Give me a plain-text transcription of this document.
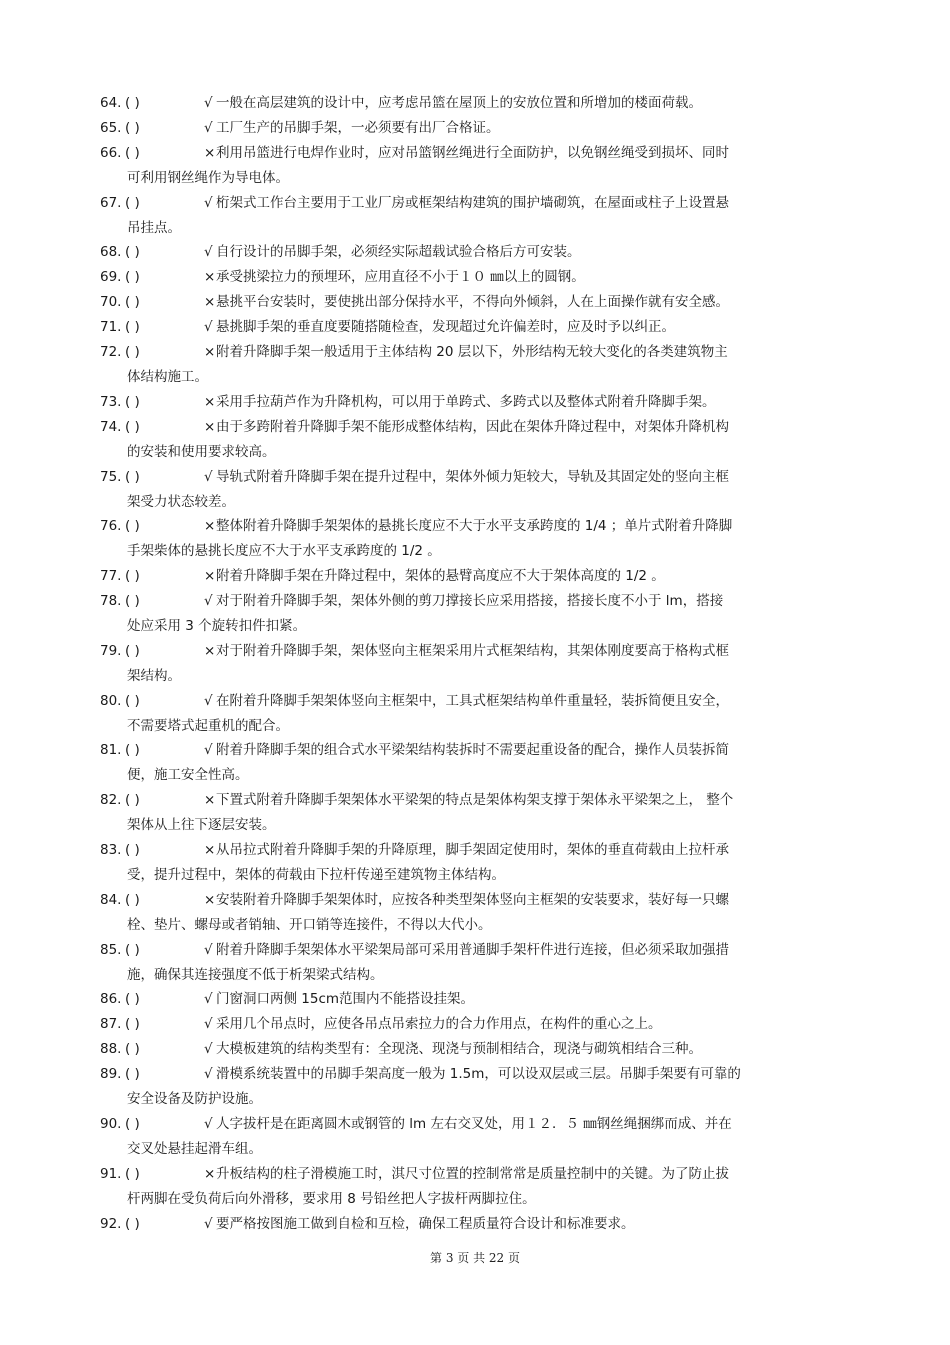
64. ( )	√ 一般在高层建筑的设计中，应考虑吊篮在屋顶上的安放位置和所增加的楼面荷载。
65. ( )	√ 工厂生产的吊脚手架，一必须要有出厂合格证。
66. ( )	× 利用吊篮进行电焊作业时，应对吊篮钢丝绳进行全面防护，以免钢丝绳受到损坏、同时
可利用钢丝绳作为导电体。
67. ( )	√ 桁架式工作台主要用于工业厂房或框架结构建筑的围护墙砌筑，在屋面或柱子上设置悬
吊挂点。
68. ( )	√ 自行设计的吊脚手架，必须经实际超载试验合格后方可安装。
69. ( )	× 承受挑梁拉力的预埋环，应用直径不小于１０ ㎜以上的圆钢。
70. ( )	× 悬挑平台安装时，要使挑出部分保持水平，不得向外倾斜，人在上面操作就有安全感。
71. ( )	√ 悬挑脚手架的垂直度要随搭随检查，发现超过允许偏差时，应及时予以纠正。
72. ( )	× 附着升降脚手架一般适用于主体结构 20 层以下，外形结构无较大变化的各类建筑物主
体结构施工。
73. ( )	× 采用手拉葫芦作为升降机构，可以用于单跨式、多跨式以及整体式附着升降脚手架。
74. ( )	× 由于多跨附着升降脚手架不能形成整体结构，因此在架体升降过程中，对架体升降机构
的安装和使用要求较高。
75. ( )	√ 导轨式附着升降脚手架在提升过程中，架体外倾力矩较大，导轨及其固定处的竖向主框
架受力状态较差。
76. ( )	× 整体附着升降脚手架架体的悬挑长度应不大于水平支承跨度的 1/4 ；单片式附着升降脚
手架柴体的悬挑长度应不大于水平支承跨度的 1/2 。
77. ( )	× 附着升降脚手架在升降过程中，架体的悬臂高度应不大于架体高度的 1/2 。
78. ( )	√ 对于附着升降脚手架，架体外侧的剪刀撑接长应采用搭接，搭接长度不小于 lm，搭接
处应采用 3 个旋转扣件扣紧。
79. ( )	× 对于附着升降脚手架，架体竖向主框架采用片式框架结构，其架体刚度要高于格构式框
架结构。
80. ( )	√ 在附着升降脚手架架体竖向主框架中，工具式框架结构单件重量轻，装拆简便且安全，
不需要塔式起重机的配合。
81. ( )	√ 附着升降脚手架的组合式水平梁架结构装拆时不需要起重设备的配合，操作人员装拆简
便，施工安全性高。
82. ( )	× 下置式附着升降脚手架架体水平梁架的特点是架体构架支撑于架体永平梁架之上， 整个
架体从上往下逐层安装。
83. ( )	× 从吊拉式附着升降脚手架的升降原理，脚手架固定使用时，架体的垂直荷载由上拉杆承
受，提升过程中，架体的荷载由下拉杆传递至建筑物主体结构。
84. ( )	× 安装附着升降脚手架架体时，应按各种类型架体竖向主框架的安装要求，装好每一只螺
栓、垫片、螺母或者销轴、开口销等连接件，不得以大代小。
85. ( )	√ 附着升降脚手架架体水平梁架局部可采用普通脚手架杆件进行连接，但必须采取加强措
施，确保其连接强度不低于析架梁式结构。
86. ( )	√ 门窗洞口两侧 15cm范围内不能搭设挂架。
87. ( )	√ 采用几个吊点时，应使各吊点吊索拉力的合力作用点，在构件的重心之上。
88. ( )	√ 大模板建筑的结构类型有：全现浇、现浇与预制相结合，现浇与砌筑相结合三种。
89. ( )	√ 滑模系统装置中的吊脚手架高度一般为 1.5m，可以设双层或三层。吊脚手架要有可靠的
安全设备及防护设施。
90. ( )	√ 人字拔杆是在距离圆木或钢管的 lm 左右交叉处，用１２．５ ㎜钢丝绳捆绑而成、并在
交叉处悬挂起滑车组。
91. ( )	× 升板结构的柱子滑模施工时，淇尺寸位置的控制常常是质量控制中的关键。为了防止拔
杆两脚在受负荷后向外滑移，要求用 8 号铅丝把人字拔杆两脚拉住。
92. ( )	√ 要严格按图施工做到自检和互检，确保工程质量符合设计和标准要求。
第 3 页 共 22 页
